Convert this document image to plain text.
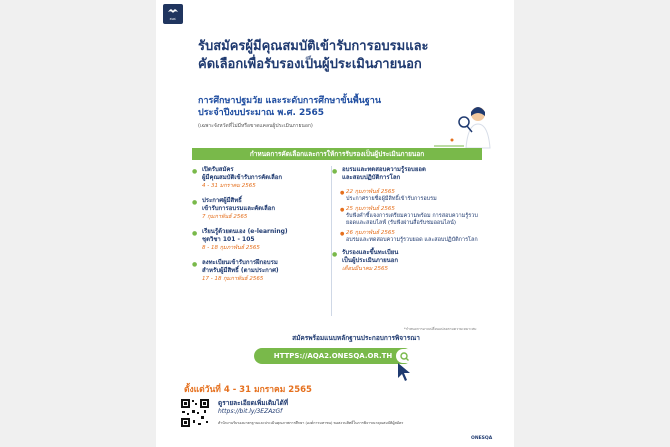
สมศ.
รับสมัครผู้มีคุณสมบัติเข้ารับการอบรมและ
คัดเลือกเพื่อรับรองเป็นผู้ประเมินภายนอก
การศึกษาปฐมวัย และระดับการศึกษาขั้นพื้นฐาน
ประจำปีงบประมาณ พ.ศ. 2565
(เฉพาะจังหวัดที่ไม่มีหรือขาดแคลนผู้ประเมินภายนอก)
กำหนดการคัดเลือกและการให้การรับรองเป็นผู้ประเมินภายนอก
● เปิดรับสมัคร
ผู้มีคุณสมบัติเข้ารับการคัดเลือก
4 - 31 มกราคม 2565
● ประกาศผู้มีสิทธิ์
เข้ารับการอบรมและคัดเลือก
7 กุมภาพันธ์ 2565
● เรียนรู้ด้วยตนเอง (e-learning)
ชุดวิชา 101 - 105
8 - 18 กุมภาพันธ์ 2565
● ลงทะเบียนเข้ารับการฝึกอบรม
สำหรับผู้มีสิทธิ์ (ตามประกาศ)
17 - 18 กุมภาพันธ์ 2565
● อบรมและทดสอบความรู้รอบยอด
และสอบปฏิบัติการโลก
● 22 กุมภาพันธ์ 2565
ประกาศรายชื่อผู้มีสิทธิ์เข้ารับการอบรม
● 25 กุมภาพันธ์ 2565
รับฟังคำชี้แจงการเตรียมความพร้อม การสอบความรู้รวบยอดและสอบไลฟ์ (รับฟังผ่านสื่อรับชมออนไลน์)
● 26 กุมภาพันธ์ 2565
อบรมและทดสอบความรู้รวบยอด และสอบปฏิบัติการโลก
● รับรองและขึ้นทะเบียน
เป็นผู้ประเมินภายนอก
เดือนมีนาคม 2565
*กำหนดการอาจเปลี่ยนแปลงตามความเหมาะสม
สมัครพร้อมแนบหลักฐานประกอบการพิจารณา
HTTPS://AQA2.ONESQA.OR.TH
ตั้งแต่วันที่ 4 - 31 มกราคม 2565
ดูรายละเอียดเพิ่มเติมได้ที่
https://bit.ly/3EZAzGf
สำนักงานรับรองมาตรฐานและประเมินคุณภาพการศึกษา (องค์การมหาชน) ขอสงวนสิทธิ์ในการพิจารณาคุณสมบัติผู้สมัคร
ONESQA
